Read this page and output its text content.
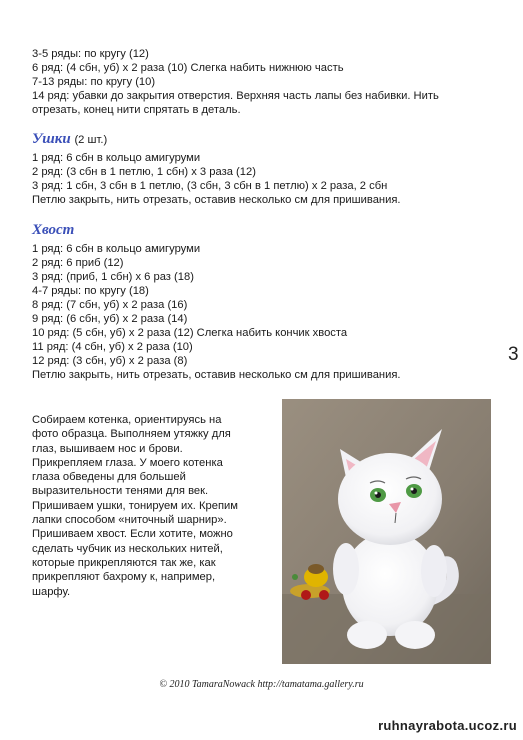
3-5 ряды: по кругу (12)
6 ряд: (4 сбн, уб) х 2 раза (10) Слегка набить нижнюю часть
7-13 ряды: по кругу (10)
14 ряд: убавки до закрытия отверстия. Верхняя часть лапы без набивки. Нить
отрезать, конец нити спрятать в деталь.
Ушки (2 шт.)
1 ряд: 6 сбн в кольцо амигуруми
2 ряд: (3 сбн в 1 петлю, 1 сбн) х 3 раза (12)
3 ряд: 1 сбн, 3 сбн в 1 петлю, (3 сбн, 3 сбн в 1 петлю) х 2 раза, 2 сбн
Петлю закрыть, нить отрезать, оставив несколько см для пришивания.
Хвост
1 ряд: 6 сбн в кольцо амигуруми
2 ряд: 6 приб (12)
3 ряд: (приб, 1 сбн) х 6 раз (18)
4-7 ряды: по кругу (18)
8 ряд: (7 сбн, уб) х 2 раза (16)
9 ряд: (6 сбн, уб) х 2 раза (14)
10 ряд: (5 сбн, уб) х 2 раза (12) Слегка набить кончик хвоста
11 ряд: (4 сбн, уб) х 2 раза (10)
12 ряд: (3 сбн, уб) х 2 раза (8)
Петлю закрыть, нить отрезать, оставив несколько см для пришивания.
3
Собираем котенка, ориентируясь на
фото образца. Выполняем утяжку для
глаз, вышиваем нос и брови.
Прикрепляем глаза. У моего котенка
глаза обведены для большей
выразительности тенями для век.
Пришиваем ушки, тонируем их. Крепим
лапки способом «ниточный шарнир».
Пришиваем хвост. Если хотите, можно
сделать чубчик из нескольких нитей,
которые прикрепляются так же, как
прикрепляют бахрому к, например,
шарфу.
© 2010 TamaraNowack http://tamatama.gallery.ru
ruhnayrabota.ucoz.ru
